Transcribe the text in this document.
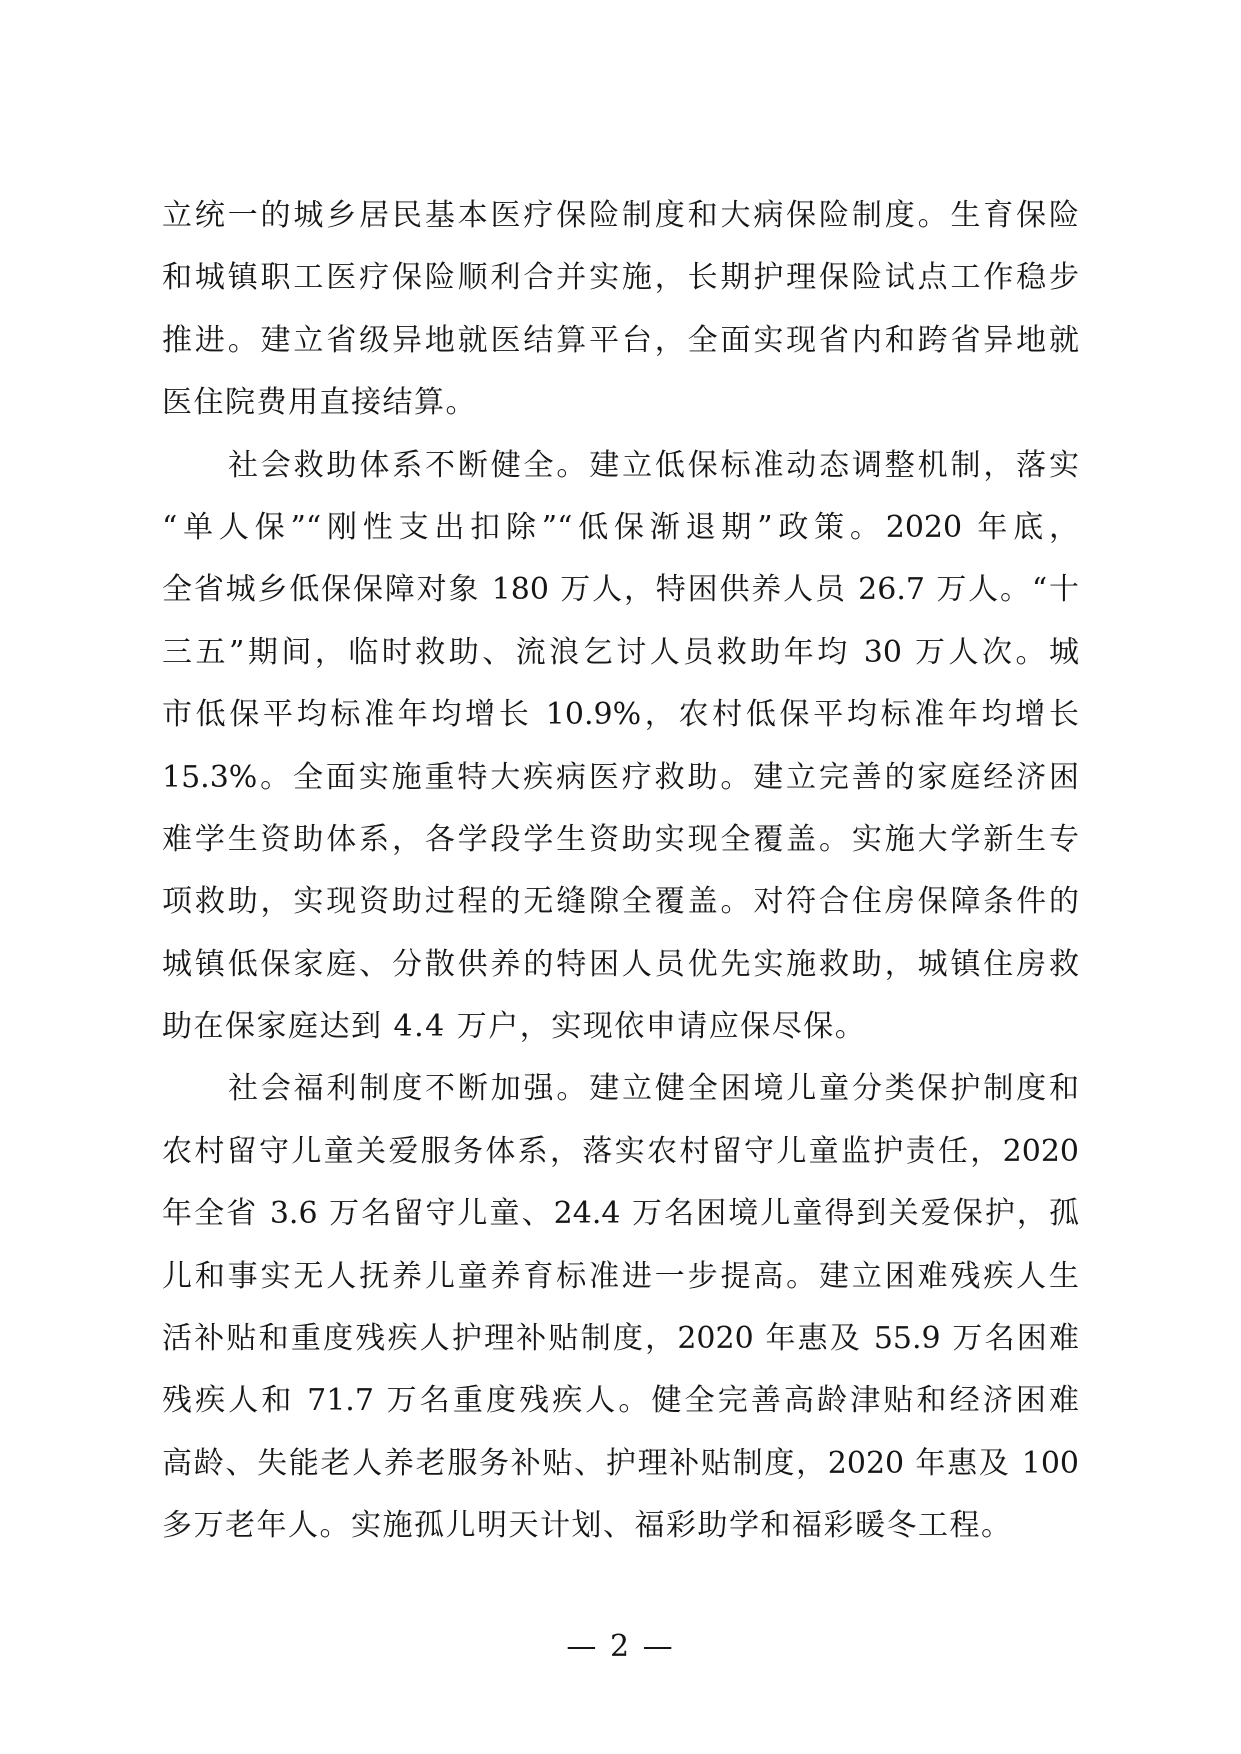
立统一的城乡居民基本医疗保险制度和大病保险制度。生育保险
和城镇职工医疗保险顺利合并实施，长期护理保险试点工作稳步
推进。建立省级异地就医结算平台，全面实现省内和跨省异地就
医住院费用直接结算。
社会救助体系不断健全。建立低保标准动态调整机制，落实
“单人保”“刚性支出扣除”“低保渐退期”政策。2020 年底，
全省城乡低保保障对象 180 万人，特困供养人员 26.7 万人。“十
三五”期间，临时救助、流浪乞讨人员救助年均 30 万人次。城
市低保平均标准年均增长 10.9%，农村低保平均标准年均增长
15.3%。全面实施重特大疾病医疗救助。建立完善的家庭经济困
难学生资助体系，各学段学生资助实现全覆盖。实施大学新生专
项救助，实现资助过程的无缝隙全覆盖。对符合住房保障条件的
城镇低保家庭、分散供养的特困人员优先实施救助，城镇住房救
助在保家庭达到 4.4 万户，实现依申请应保尽保。
社会福利制度不断加强。建立健全困境儿童分类保护制度和
农村留守儿童关爱服务体系，落实农村留守儿童监护责任，2020
年全省 3.6 万名留守儿童、24.4 万名困境儿童得到关爱保护，孤
儿和事实无人抚养儿童养育标准进一步提高。建立困难残疾人生
活补贴和重度残疾人护理补贴制度，2020 年惠及 55.9 万名困难
残疾人和 71.7 万名重度残疾人。健全完善高龄津贴和经济困难
高龄、失能老人养老服务补贴、护理补贴制度，2020 年惠及 100
多万老年人。实施孤儿明天计划、福彩助学和福彩暖冬工程。
— 2 —
